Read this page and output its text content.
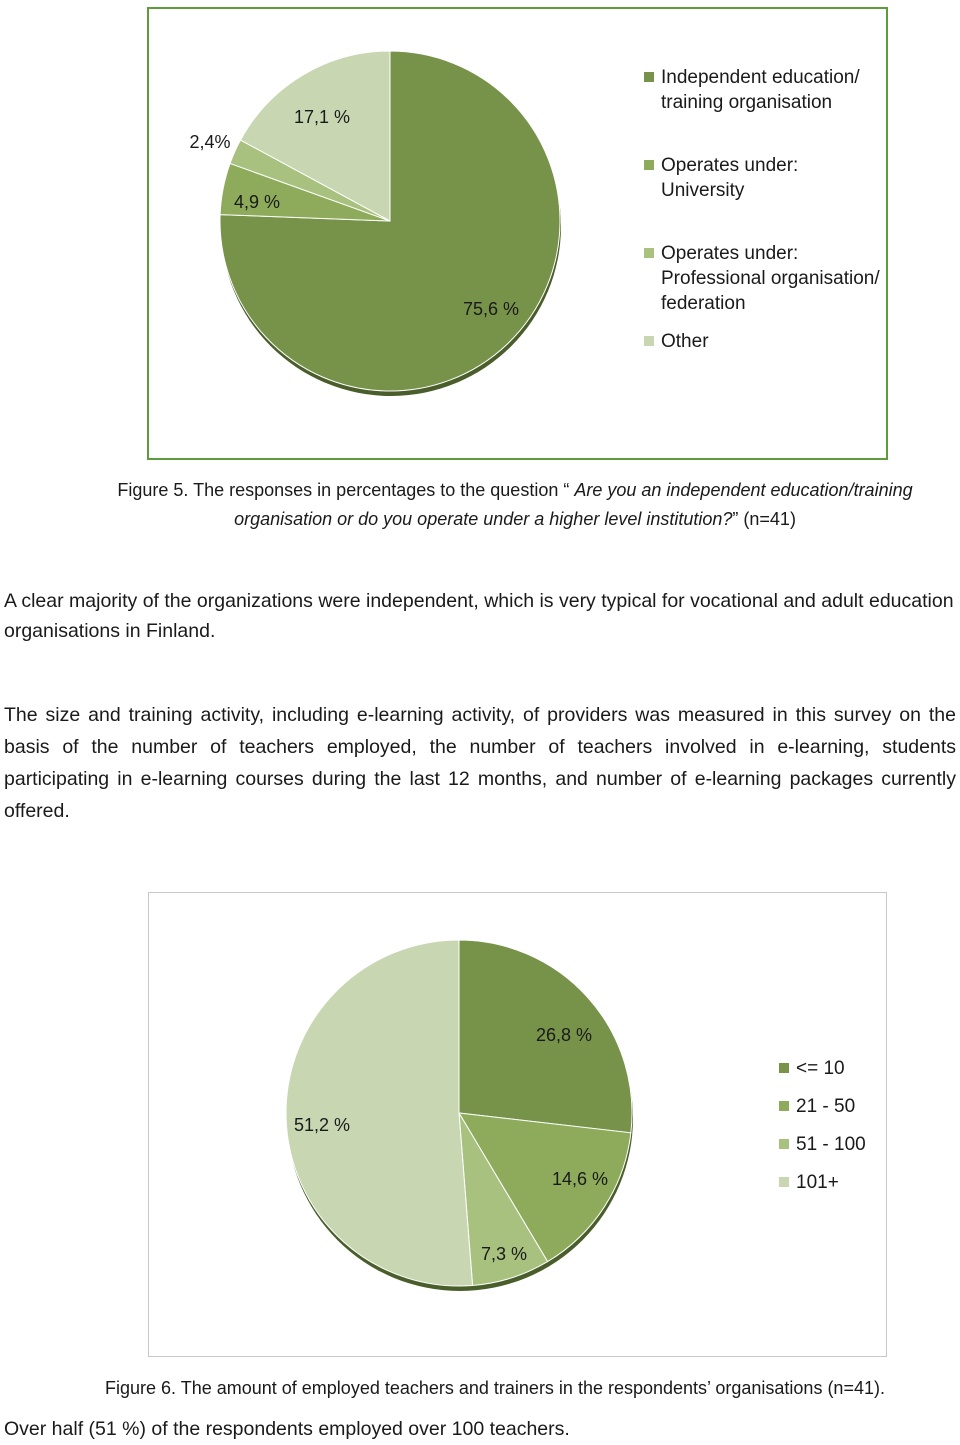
75,6 %
4,9 %
2,4%
17,1 %
Independent education/ training organisation
Operates under: University
Operates under: Professional organisation/ federation
Other
Figure 5. The responses in percentages to the question “ Are you an independent education/training organisation or do you operate under a higher level institution?” (n=41)
A clear majority of the organizations were independent, which is very typical for vocational and adult education organisations in Finland.
The size and training activity, including e-learning activity, of providers was measured in this survey on the basis of the number of teachers employed, the number of teachers involved in e-learning, students participating in e-learning courses during the last 12 months, and number of e-learning packages currently offered.
26,8 %
14,6 %
7,3 %
51,2 %
<= 10
21 - 50
51 - 100
101+
Figure 6. The amount of employed teachers and trainers in the respondents’ organisations (n=41).
Over half (51 %) of the respondents employed over 100 teachers.
